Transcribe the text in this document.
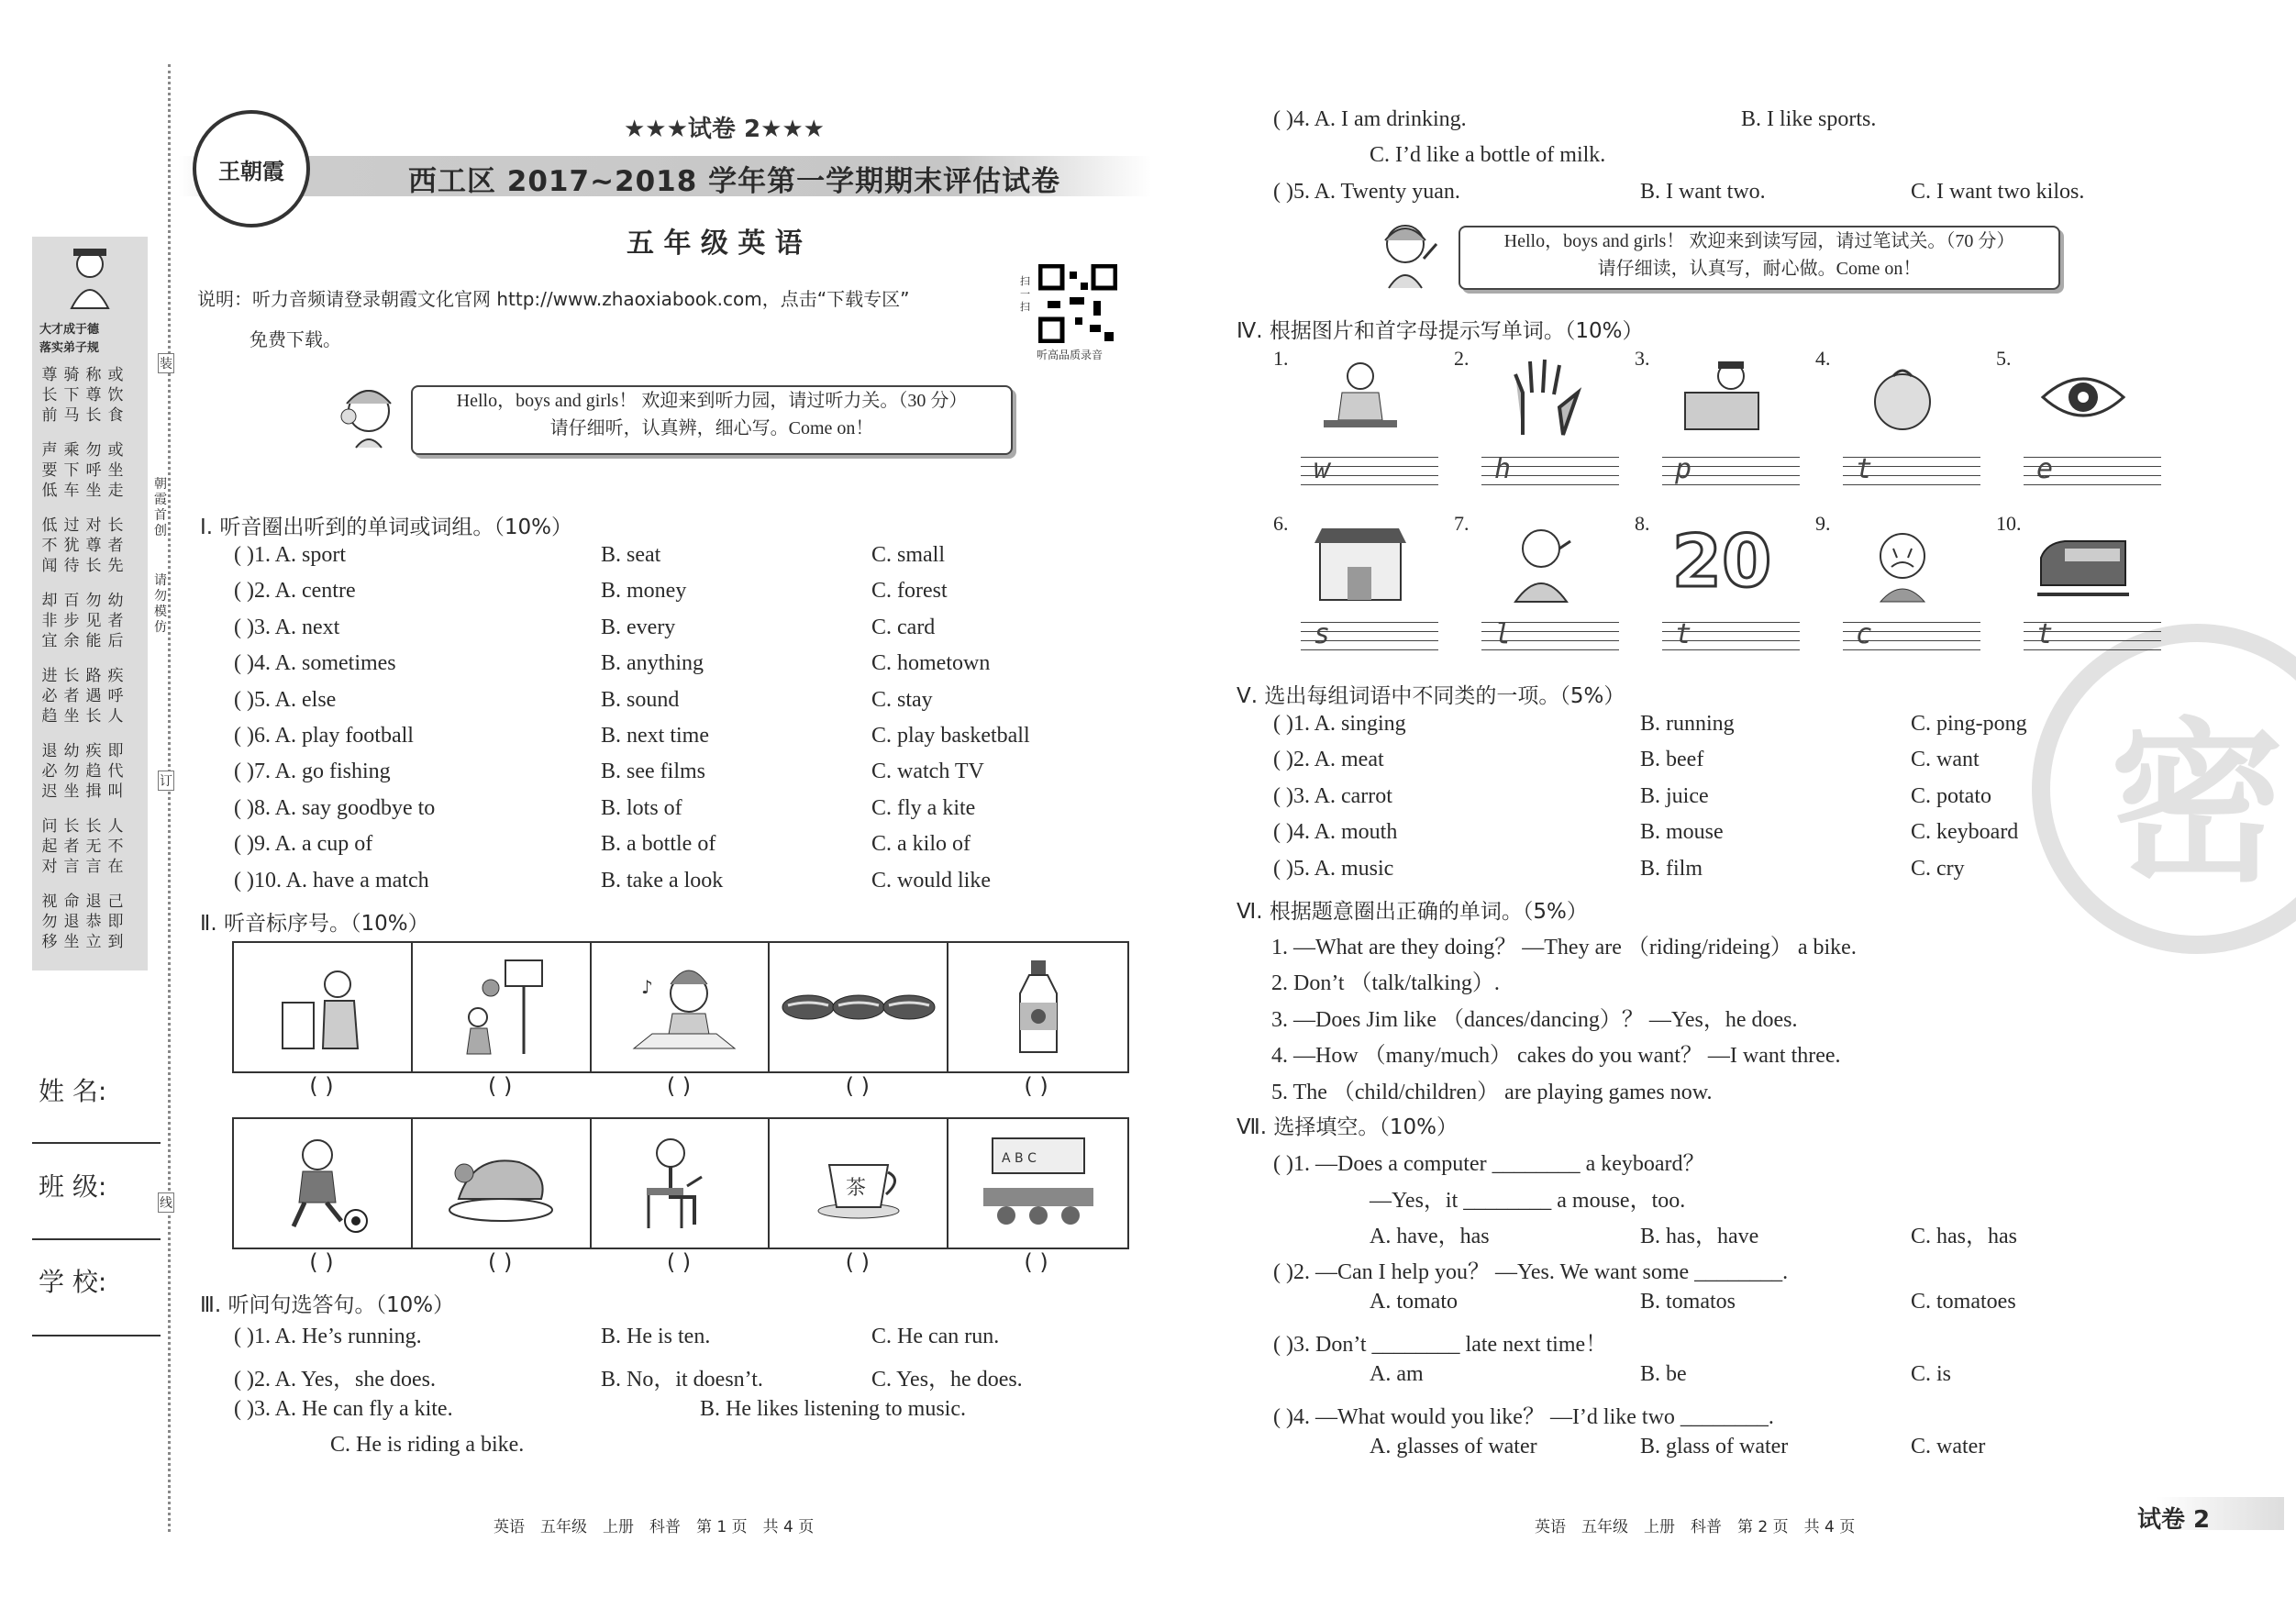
大才成于德
落实弟子规
尊长前
骑下马
称尊长
或饮食
声要低
乘下车
勿呼坐
或坐走
低不闻
过犹待
对尊长
长者先
却非宜
百步余
勿见能
幼者后
进必趋
长者坐
路遇长
疾呼人
退必迟
幼勿坐
疾趋揖
即代叫
问起对
长者言
长无言
人不在
视勿移
命退坐
退恭立
己即到
装
订
线
朝霞首创
请勿模仿
姓 名:
班 级:
学 校:
王朝霞
★★★试卷 2★★★
西工区 2017~2018 学年第一学期期末评估试卷
五 年 级 英 语
说明：听力音频请登录朝霞文化官网 http://www.zhaoxiabook.com，点击“下载专区”
免费下载。
扫一扫
听高品质录音
Hello，boys and girls！ 欢迎来到听力园，请过听力关。（30 分）
请仔细听，认真辨，细心写。Come on！
Ⅰ. 听音圈出听到的单词或词组。（10%）
( )1. A. sport	B. seat	C. small
( )2. A. centre	B. money	C. forest
( )3. A. next	B. every	C. card
( )4. A. sometimes	B. anything	C. hometown
( )5. A. else	B. sound	C. stay
( )6. A. play football	B. next time	C. play basketball
( )7. A. go fishing	B. see films	C. watch TV
( )8. A. say goodbye to	B. lots of	C. fly a kite
( )9. A. a cup of	B. a bottle of	C. a kilo of
( )10. A. have a match	B. take a look	C. would like
Ⅱ. 听音标序号。（10%）
♪
( )	( )	( )	( )	( )
茶
A B C
( )	( )	( )	( )	( )
Ⅲ. 听问句选答句。（10%）
( )1. A. He’s running.	B. He is ten.	C. He can run.
( )2. A. Yes，she does.	B. No，it doesn’t.	C. Yes，he does.
( )3. A. He can fly a kite.	B. He likes listening to music.
C. He is riding a bike.
英语　五年级　上册　科普　第 1 页　共 4 页
( )4. A. I am drinking.	B. I like sports.
C. I’d like a bottle of milk.
( )5. A. Twenty yuan.	B. I want two.	C. I want two kilos.
Hello，boys and girls！ 欢迎来到读写园，请过笔试关。（70 分）
请仔细读，认真写，耐心做。Come on！
密
Ⅳ. 根据图片和首字母提示写单词。（10%）
1.
w
2.
h
3.
p
4.
t
5.
e
6.
s
7.
l
8. 20
t
9.
c
10.
t
Ⅴ. 选出每组词语中不同类的一项。（5%）
( )1. A. singing	B. running	C. ping-pong
( )2. A. meat	B. beef	C. want
( )3. A. carrot	B. juice	C. potato
( )4. A. mouth	B. mouse	C. keyboard
( )5. A. music	B. film	C. cry
Ⅵ. 根据题意圈出正确的单词。（5%）
1. —What are they doing？ —They are （riding/rideing） a bike.
2. Don’t （talk/talking）.
3. —Does Jim like （dances/dancing）？ —Yes，he does.
4. —How （many/much） cakes do you want？ —I want three.
5. The （child/children） are playing games now.
Ⅶ. 选择填空。（10%）
( )1. —Does a computer ________ a keyboard？
—Yes，it ________ a mouse，too.
A. have，has	B. has，have	C. has，has
( )2. —Can I help you？ —Yes. We want some ________.
A. tomato	B. tomatos	C. tomatoes
( )3. Don’t ________ late next time！
A. am	B. be	C. is
( )4. —What would you like？ —I’d like two ________.
A. glasses of water	B. glass of water	C. water
英语　五年级　上册　科普　第 2 页　共 4 页	试卷 2
